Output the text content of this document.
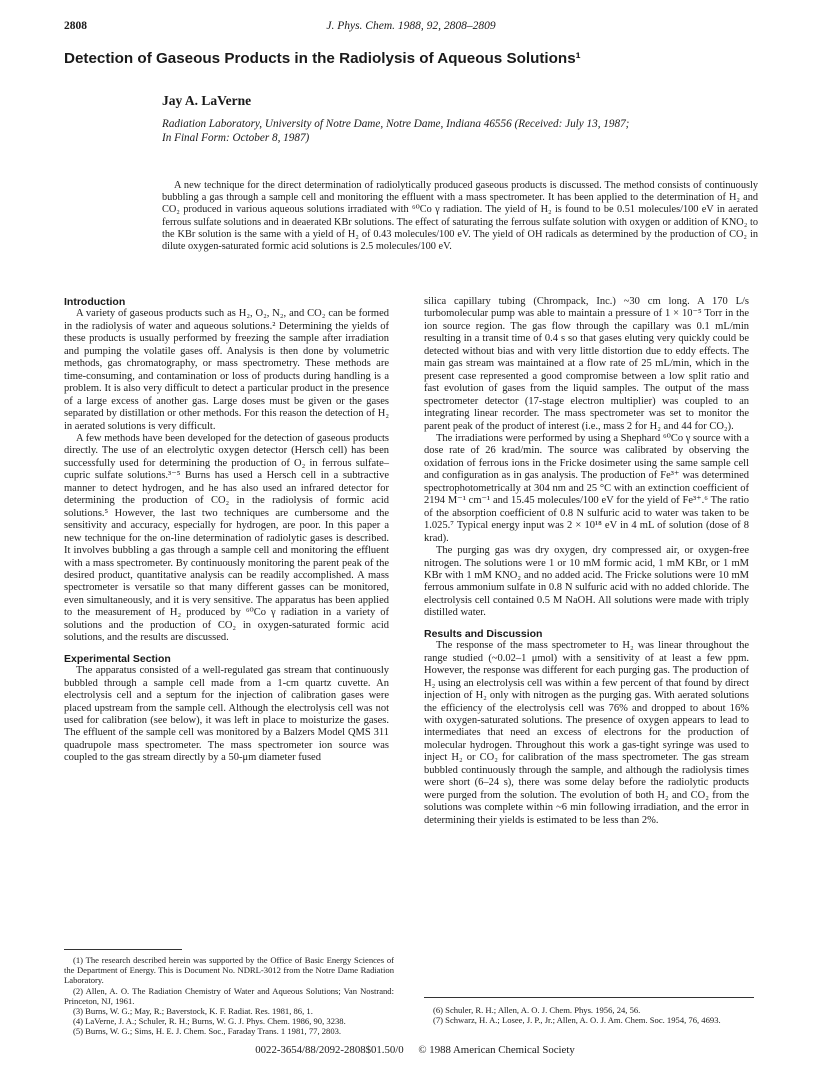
2808	J. Phys. Chem. 1988, 92, 2808–2809
Detection of Gaseous Products in the Radiolysis of Aqueous Solutions¹
Jay A. LaVerne
Radiation Laboratory, University of Notre Dame, Notre Dame, Indiana 46556 (Received: July 13, 1987;
In Final Form: October 8, 1987)

A new technique for the direct determination of radiolytically produced gaseous products is discussed. The method consists of continuously bubbling a gas through a sample cell and monitoring the effluent with a mass spectrometer. It has been applied to the determination of H₂ and CO₂ produced in various aqueous solutions irradiated with ⁶⁰Co γ radiation. The yield of H₂ is found to be 0.51 molecules/100 eV in aerated ferrous sulfate solutions and in deaerated KBr solutions. The effect of saturating the ferrous sulfate solution with oxygen or addition of KNO₂ to the KBr solution is the same with a yield of H₂ of 0.43 molecules/100 eV. The yield of OH radicals as determined by the production of CO₂ in dilute oxygen-saturated formic acid solutions is 2.5 molecules/100 eV.

Introduction

A variety of gaseous products such as H₂, O₂, N₂, and CO₂ can be formed in the radiolysis of water and aqueous solutions.² Determining the yields of these products is usually performed by freezing the sample after irradiation and pumping the volatile gases off. Analysis is then done by volumetric methods, gas chromatography, or mass spectrometry. These methods are time-consuming, and contamination or loss of products during handling is a problem. It is also very difficult to detect a particular product in the presence of a large excess of another gas. Large doses must be given or the gases separated by distillation or other methods. For this reason the detection of H₂ in aerated solutions is very difficult.

A few methods have been developed for the detection of gaseous products directly. The use of an electrolytic oxygen detector (Hersch cell) has been successfully used for determining the production of O₂ in ferrous sulfate–cupric sulfate solutions.³⁻⁵ Burns has used a Hersch cell in a subtractive manner to detect hydrogen, and he has also used an infrared detector for determining the production of CO₂ in the radiolysis of formic acid solutions.⁵ However, the last two techniques are cumbersome and the sensitivity and accuracy, especially for hydrogen, are poor. In this paper a new technique for the on-line determination of radiolytic gases is described. It involves bubbling a gas through a sample cell and monitoring the effluent with a mass spectrometer. By continuously monitoring the parent peak of the desired product, quantitative analysis can be readily accomplished. A mass spectrometer is versatile so that many different gasses can be monitored, even simultaneously, and it is very sensitive. The apparatus has been applied to the measurement of H₂ produced by ⁶⁰Co γ radiation in a variety of solutions and the production of CO₂ in oxygen-saturated formic acid solutions, and the results are discussed.

Experimental Section

The apparatus consisted of a well-regulated gas stream that continuously bubbled through a sample cell made from a 1-cm quartz cuvette. An electrolysis cell and a septum for the injection of calibration gases were placed upstream from the sample cell. Although the electrolysis cell was not used for calibration (see below), it was left in place to moisturize the gases. The effluent of the sample cell was monitored by a Balzers Model QMS 311 quadrupole mass spectrometer. The mass spectrometer ion source was coupled to the gas stream directly by a 50-μm diameter fused

silica capillary tubing (Chrompack, Inc.) ~30 cm long. A 170 L/s turbomolecular pump was able to maintain a pressure of 1 × 10⁻⁵ Torr in the ion source region. The gas flow through the capillary was 0.1 mL/min resulting in a transit time of 0.4 s so that gases eluting very quickly could be detected without bias and with very little distortion due to eddy effects. The main gas stream was maintained at a flow rate of 25 mL/min, which in the present case represented a good compromise between a low split ratio and fast evolution of gases from the liquid samples. The output of the mass spectrometer detector (17-stage electron multiplier) was coupled to an integrating linear recorder. The mass spectrometer was set to monitor the parent peak of the product of interest (i.e., mass 2 for H₂ and 44 for CO₂).

The irradiations were performed by using a Shephard ⁶⁰Co γ source with a dose rate of 26 krad/min. The source was calibrated by observing the oxidation of ferrous ions in the Fricke dosimeter using the same sample cell and configuration as in gas analysis. The production of Fe³⁺ was determined spectrophotometrically at 304 nm and 25 °C with an extinction coefficient of 2194 M⁻¹ cm⁻¹ and 15.45 molecules/100 eV for the yield of Fe³⁺.⁶ The ratio of the absorption coefficient of 0.8 N sulfuric acid to water was taken to be 1.025.⁷ Typical energy input was 2 × 10¹⁸ eV in 4 mL of solution (dose of 8 krad).

The purging gas was dry oxygen, dry compressed air, or oxygen-free nitrogen. The solutions were 1 or 10 mM formic acid, 1 mM KBr, or 1 mM KBr with 1 mM KNO₂ and no added acid. The Fricke solutions were 10 mM ferrous ammonium sulfate in 0.8 N sulfuric acid with no added chloride. The electrolysis cell contained 0.5 M NaOH. All solutions were made with triply distilled water.

Results and Discussion

The response of the mass spectrometer to H₂ was linear throughout the range studied (~0.02–1 μmol) with a sensitivity of at least a few ppm. However, the response was different for each purging gas. The production of H₂ using an electrolysis cell was within a few percent of that found by direct injection of H₂ only with nitrogen as the purging gas. With aerated solutions the efficiency of the electrolysis cell was 76% and dropped to about 16% with oxygen-saturated solutions. The presence of oxygen appears to lead to intermediates that need an excess of electrons for the production of molecular hydrogen. Throughout this work a gas-tight syringe was used to inject H₂ or CO₂ for calibration of the mass spectrometer. The gas stream bubbled continuously through the sample, and although the radiolysis times were short (6–24 s), there was some delay before the radiolytic products were purged from the solution. The evolution of both H₂ and CO₂ from the solutions was complete within ~6 min following irradiation, and the error in determining their yields is estimated to be less than 2%.

(1) The research described herein was supported by the Office of Basic Energy Sciences of the Department of Energy. This is Document No. NDRL-3012 from the Notre Dame Radiation Laboratory.

(2) Allen, A. O. The Radiation Chemistry of Water and Aqueous Solutions; Van Nostrand: Princeton, NJ, 1961.

(3) Burns, W. G.; May, R.; Baverstock, K. F. Radiat. Res. 1981, 86, 1.

(4) LaVerne, J. A.; Schuler, R. H.; Burns, W. G. J. Phys. Chem. 1986, 90, 3238.

(5) Burns, W. G.; Sims, H. E. J. Chem. Soc., Faraday Trans. 1 1981, 77, 2803.

(6) Schuler, R. H.; Allen, A. O. J. Chem. Phys. 1956, 24, 56.

(7) Schwarz, H. A.; Losee, J. P., Jr.; Allen, A. O. J. Am. Chem. Soc. 1954, 76, 4693.

0022-3654/88/2092-2808$01.50/0 © 1988 American Chemical Society
